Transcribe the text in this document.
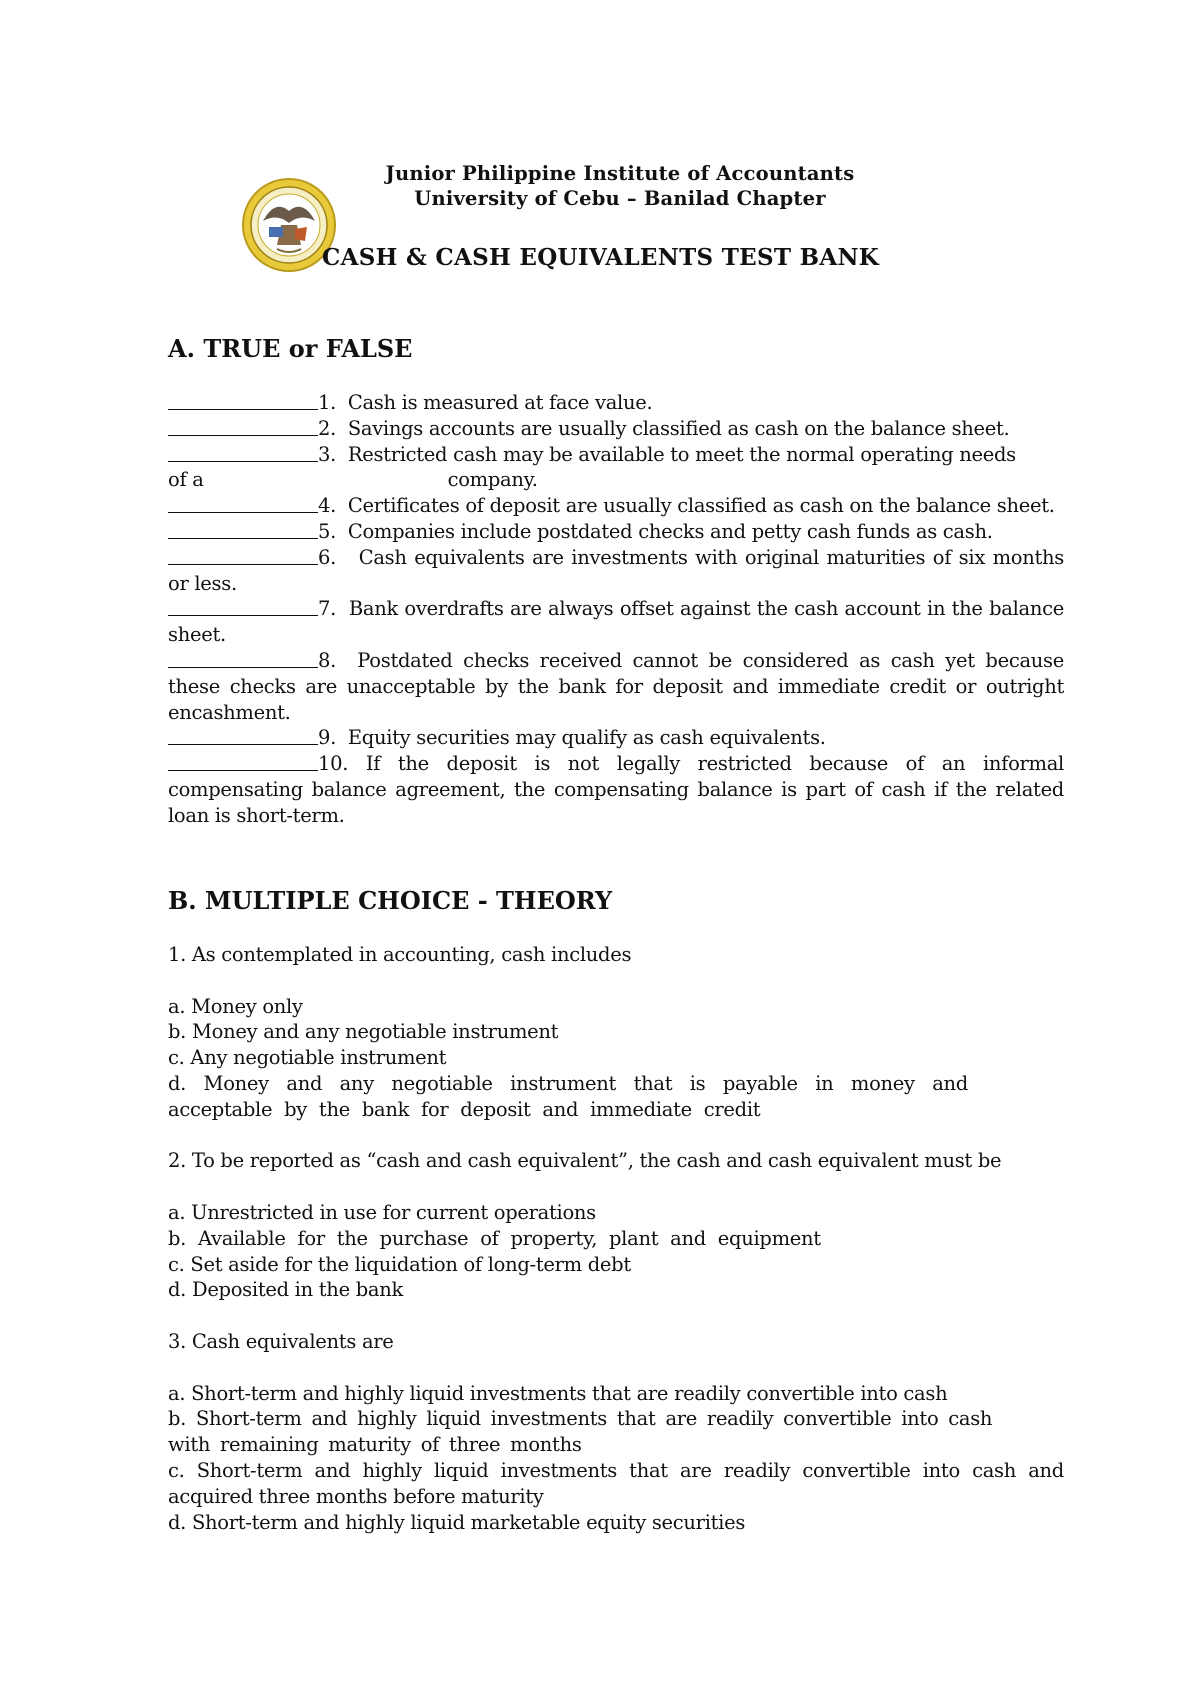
Junior Philippine Institute of Accountants
University of Cebu – Banilad Chapter
CASH & CASH EQUIVALENTS TEST BANK
A. TRUE or FALSE

1. Cash is measured at face value.

2. Savings accounts are usually classified as cash on the balance sheet.

3. Restricted cash may be available to meet the normal operating needs

of a	company.

4. Certificates of deposit are usually classified as cash on the balance sheet.

5. Companies include postdated checks and petty cash funds as cash.

6. Cash equivalents are investments with original maturities of six months or less.

7. Bank overdrafts are always offset against the cash account in the balance sheet.

8. Postdated checks received cannot be considered as cash yet because these checks are unacceptable by the bank for deposit and immediate credit or outright encashment.

9. Equity securities may qualify as cash equivalents.

10. If the deposit is not legally restricted because of an informal compensating balance agreement, the compensating balance is part of cash if the related loan is short-term.

B. MULTIPLE CHOICE - THEORY

1. As contemplated in accounting, cash includes

a. Money only

b. Money and any negotiable instrument

c. Any negotiable instrument

d. Money and any negotiable instrument that is payable in money and acceptable by the bank for deposit and immediate credit

2. To be reported as “cash and cash equivalent”, the cash and cash equivalent must be

a. Unrestricted in use for current operations

b. Available for the purchase of property, plant and equipment

c. Set aside for the liquidation of long-term debt

d. Deposited in the bank

3. Cash equivalents are

a. Short-term and highly liquid investments that are readily convertible into cash

b. Short-term and highly liquid investments that are readily convertible into cash with remaining maturity of three months

c. Short-term and highly liquid investments that are readily convertible into cash and acquired three months before maturity

d. Short-term and highly liquid marketable equity securities
